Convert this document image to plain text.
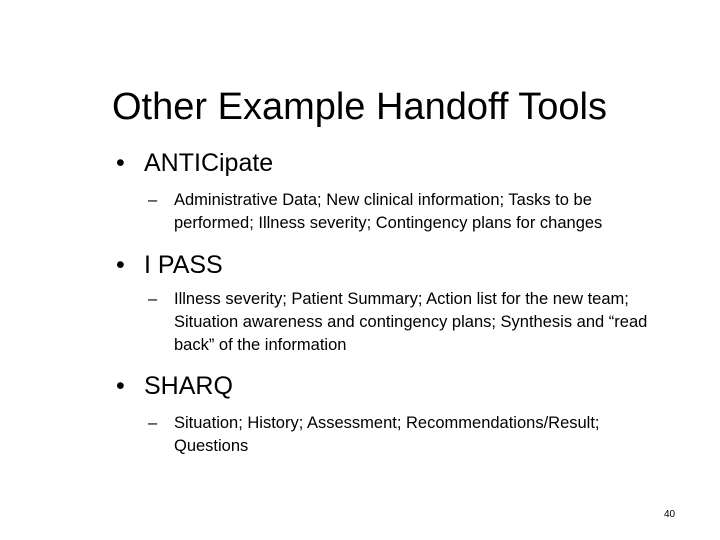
Other Example Handoff Tools
• ANTICipate
– Administrative Data; New clinical information; Tasks to be performed; Illness severity; Contingency plans for changes
• I PASS
– Illness severity; Patient Summary; Action list for the new team; Situation awareness and contingency plans; Synthesis and “read back” of the information
• SHARQ
– Situation; History; Assessment; Recommendations/Result; Questions
40
